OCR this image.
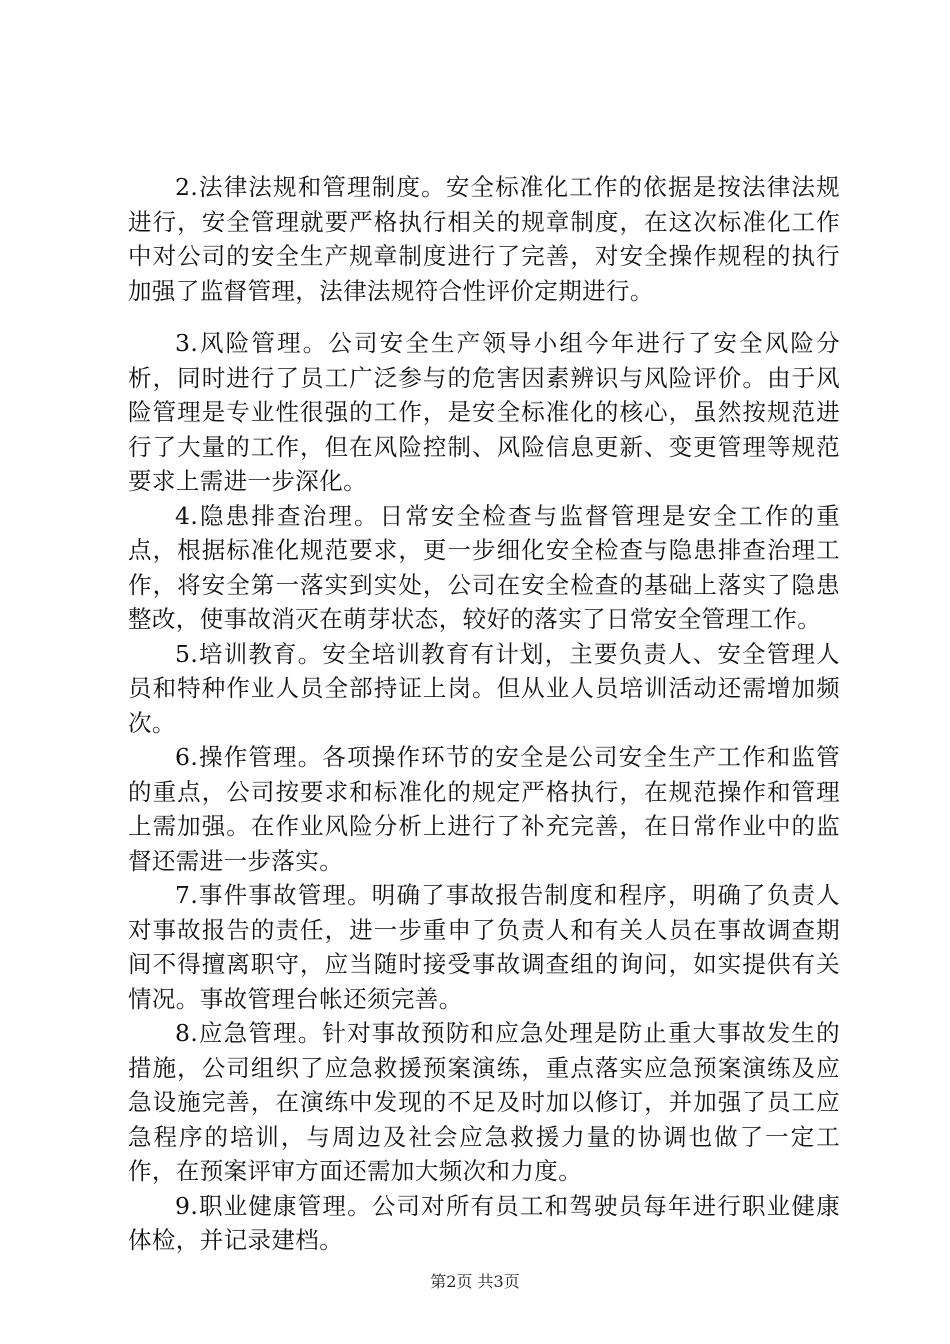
2.法律法规和管理制度。安全标准化工作的依据是按法律法规进行，安全管理就要严格执行相关的规章制度，在这次标准化工作中对公司的安全生产规章制度进行了完善，对安全操作规程的执行加强了监督管理，法律法规符合性评价定期进行。

3.风险管理。公司安全生产领导小组今年进行了安全风险分析，同时进行了员工广泛参与的危害因素辨识与风险评价。由于风险管理是专业性很强的工作，是安全标准化的核心，虽然按规范进行了大量的工作，但在风险控制、风险信息更新、变更管理等规范要求上需进一步深化。

4.隐患排查治理。日常安全检查与监督管理是安全工作的重点，根据标准化规范要求，更一步细化安全检查与隐患排查治理工作，将安全第一落实到实处，公司在安全检查的基础上落实了隐患整改，使事故消灭在萌芽状态，较好的落实了日常安全管理工作。

5.培训教育。安全培训教育有计划，主要负责人、安全管理人员和特种作业人员全部持证上岗。但从业人员培训活动还需增加频次。

6.操作管理。各项操作环节的安全是公司安全生产工作和监管的重点，公司按要求和标准化的规定严格执行，在规范操作和管理上需加强。在作业风险分析上进行了补充完善，在日常作业中的监督还需进一步落实。

7.事件事故管理。明确了事故报告制度和程序，明确了负责人对事故报告的责任，进一步重申了负责人和有关人员在事故调查期间不得擅离职守，应当随时接受事故调查组的询问，如实提供有关情况。事故管理台帐还须完善。

8.应急管理。针对事故预防和应急处理是防止重大事故发生的措施，公司组织了应急救援预案演练，重点落实应急预案演练及应急设施完善，在演练中发现的不足及时加以修订，并加强了员工应急程序的培训，与周边及社会应急救援力量的协调也做了一定工作，在预案评审方面还需加大频次和力度。

9.职业健康管理。公司对所有员工和驾驶员每年进行职业健康体检，并记录建档。

第2页 共3页
